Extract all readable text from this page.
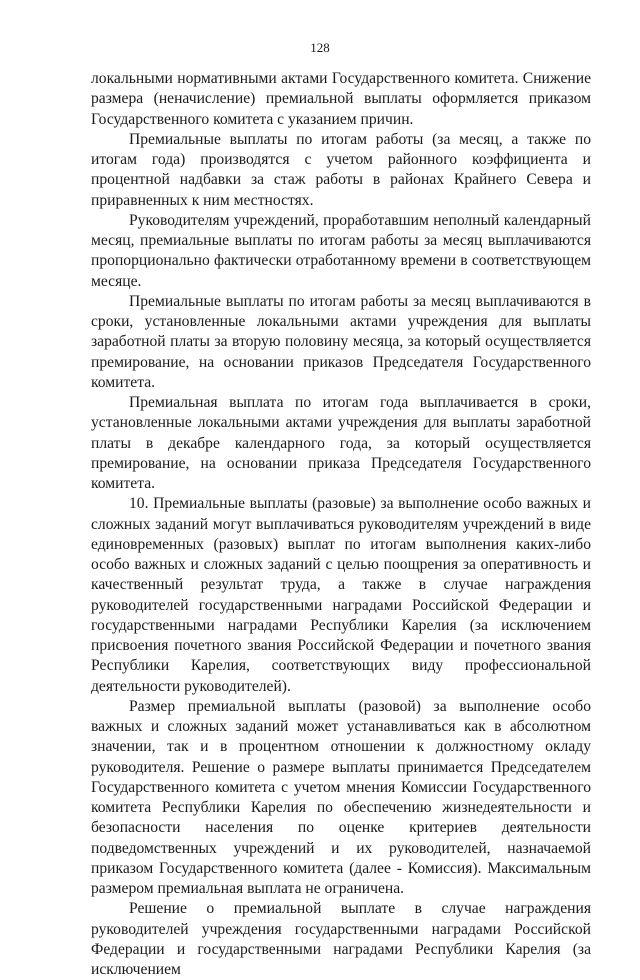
128

локальными нормативными актами Государственного комитета. Снижение размера (неначисление) премиальной выплаты оформляется приказом Государственного комитета с указанием причин.

Премиальные выплаты по итогам работы (за месяц, а также по итогам года) производятся с учетом районного коэффициента и процентной надбавки за стаж работы в районах Крайнего Севера и приравненных к ним местностях.

Руководителям учреждений, проработавшим неполный календарный месяц, премиальные выплаты по итогам работы за месяц выплачиваются пропорционально фактически отработанному времени в соответствующем месяце.

Премиальные выплаты по итогам работы за месяц выплачиваются в сроки, установленные локальными актами учреждения для выплаты заработной платы за вторую половину месяца, за который осуществляется премирование, на основании приказов Председателя Государственного комитета.

Премиальная выплата по итогам года выплачивается в сроки, установленные локальными актами учреждения для выплаты заработной платы в декабре календарного года, за который осуществляется премирование, на основании приказа Председателя Государственного комитета.

10. Премиальные выплаты (разовые) за выполнение особо важных и сложных заданий могут выплачиваться руководителям учреждений в виде единовременных (разовых) выплат по итогам выполнения каких-либо особо важных и сложных заданий с целью поощрения за оперативность и качественный результат труда, а также в случае награждения руководителей государственными наградами Российской Федерации и государственными наградами Республики Карелия (за исключением присвоения почетного звания Российской Федерации и почетного звания Республики Карелия, соответствующих виду профессиональной деятельности руководителей).

Размер премиальной выплаты (разовой) за выполнение особо важных и сложных заданий может устанавливаться как в абсолютном значении, так и в процентном отношении к должностному окладу руководителя. Решение о размере выплаты принимается Председателем Государственного комитета с учетом мнения Комиссии Государственного комитета Республики Карелия по обеспечению жизнедеятельности и безопасности населения по оценке критериев деятельности подведомственных учреждений и их руководителей, назначаемой приказом Государственного комитета (далее - Комиссия). Максимальным размером премиальная выплата не ограничена.

Решение о премиальной выплате в случае награждения руководителей учреждения государственными наградами Российской Федерации и государственными наградами Республики Карелия (за исключением
